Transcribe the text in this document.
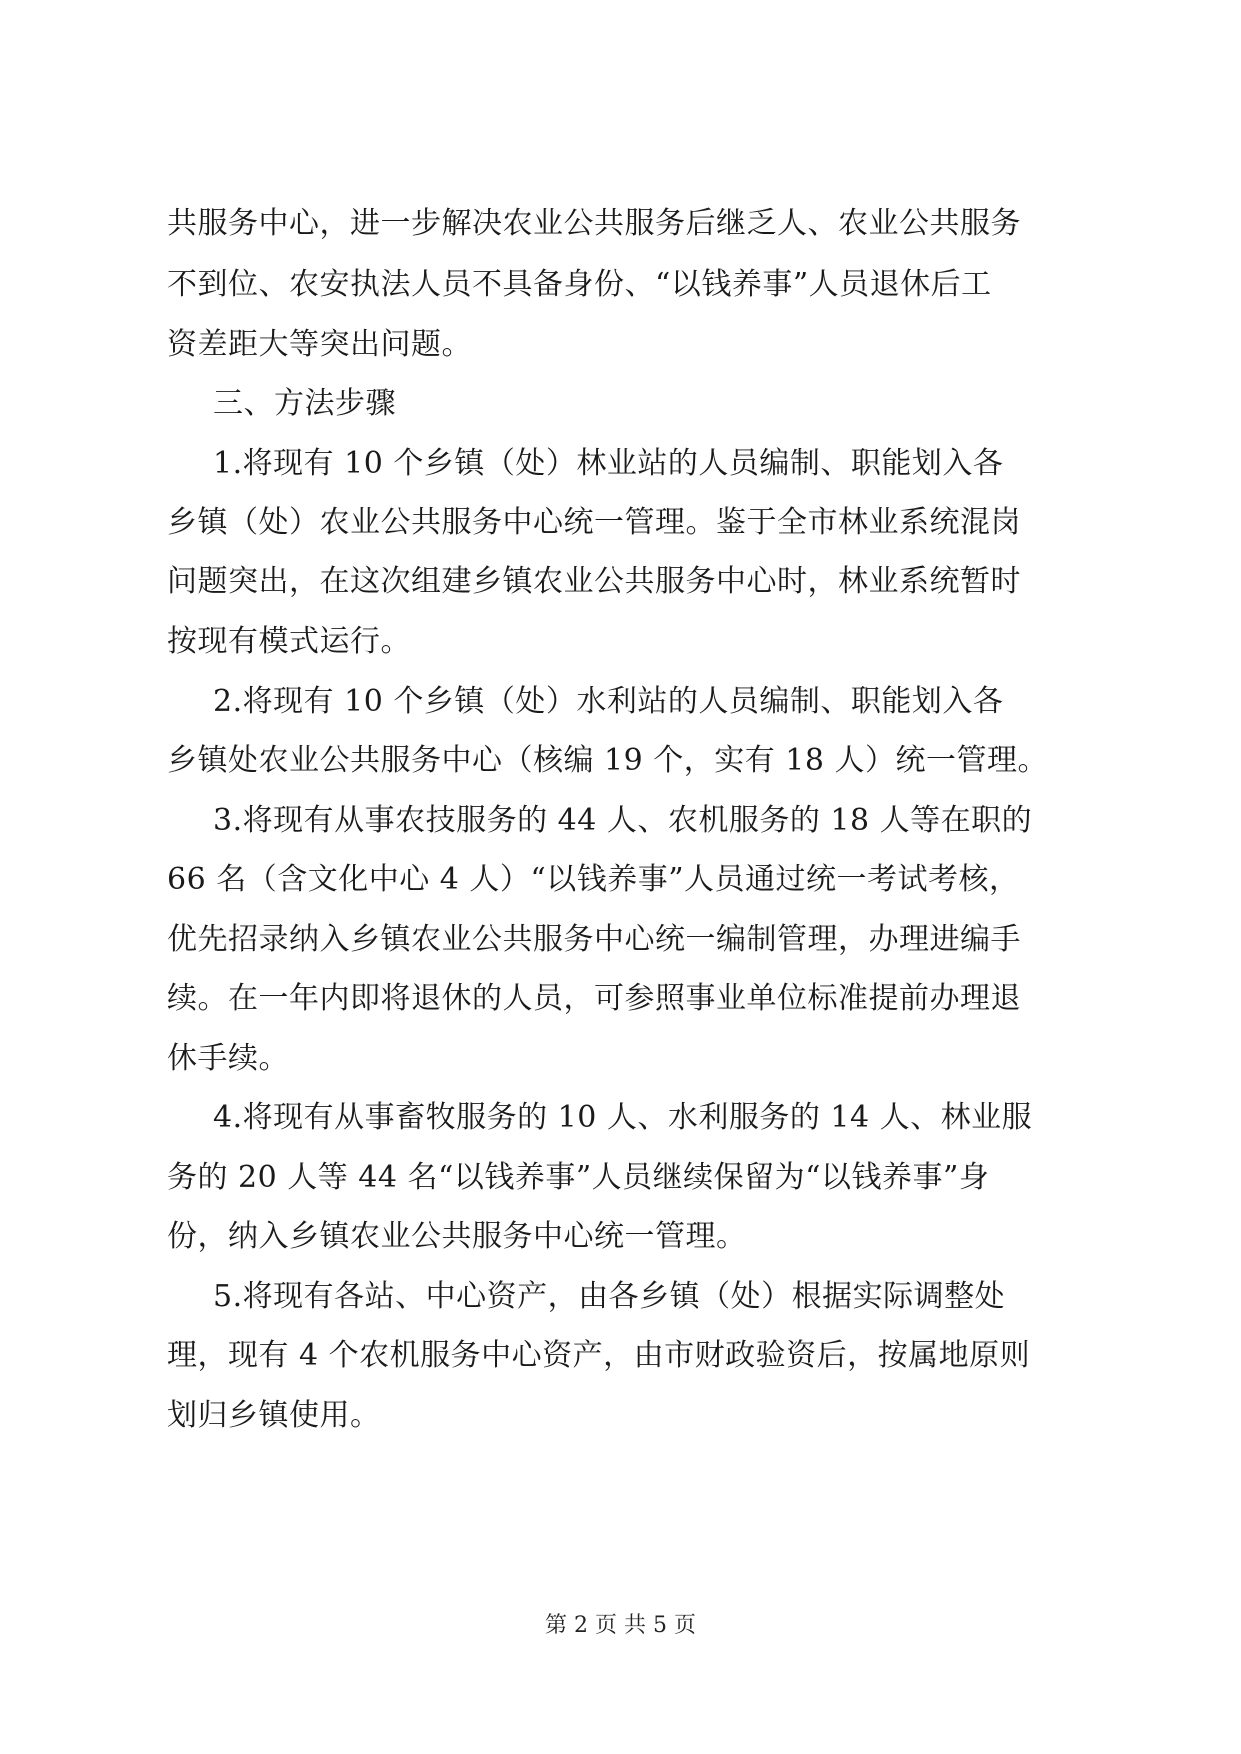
共服务中心，进一步解决农业公共服务后继乏人、农业公共服务
不到位、农安执法人员不具备身份、“以钱养事”人员退休后工
资差距大等突出问题。
三、方法步骤
1.将现有 10 个乡镇（处）林业站的人员编制、职能划入各
乡镇（处）农业公共服务中心统一管理。鉴于全市林业系统混岗
问题突出，在这次组建乡镇农业公共服务中心时，林业系统暂时
按现有模式运行。
2.将现有 10 个乡镇（处）水利站的人员编制、职能划入各
乡镇处农业公共服务中心（核编 19 个，实有 18 人）统一管理。
3.将现有从事农技服务的 44 人、农机服务的 18 人等在职的
66 名（含文化中心 4 人）“以钱养事”人员通过统一考试考核，
优先招录纳入乡镇农业公共服务中心统一编制管理，办理进编手
续。在一年内即将退休的人员，可参照事业单位标准提前办理退
休手续。
4.将现有从事畜牧服务的 10 人、水利服务的 14 人、林业服
务的 20 人等 44 名“以钱养事”人员继续保留为“以钱养事”身
份，纳入乡镇农业公共服务中心统一管理。
5.将现有各站、中心资产，由各乡镇（处）根据实际调整处
理，现有 4 个农机服务中心资产，由市财政验资后，按属地原则
划归乡镇使用。
第 2 页 共 5 页
